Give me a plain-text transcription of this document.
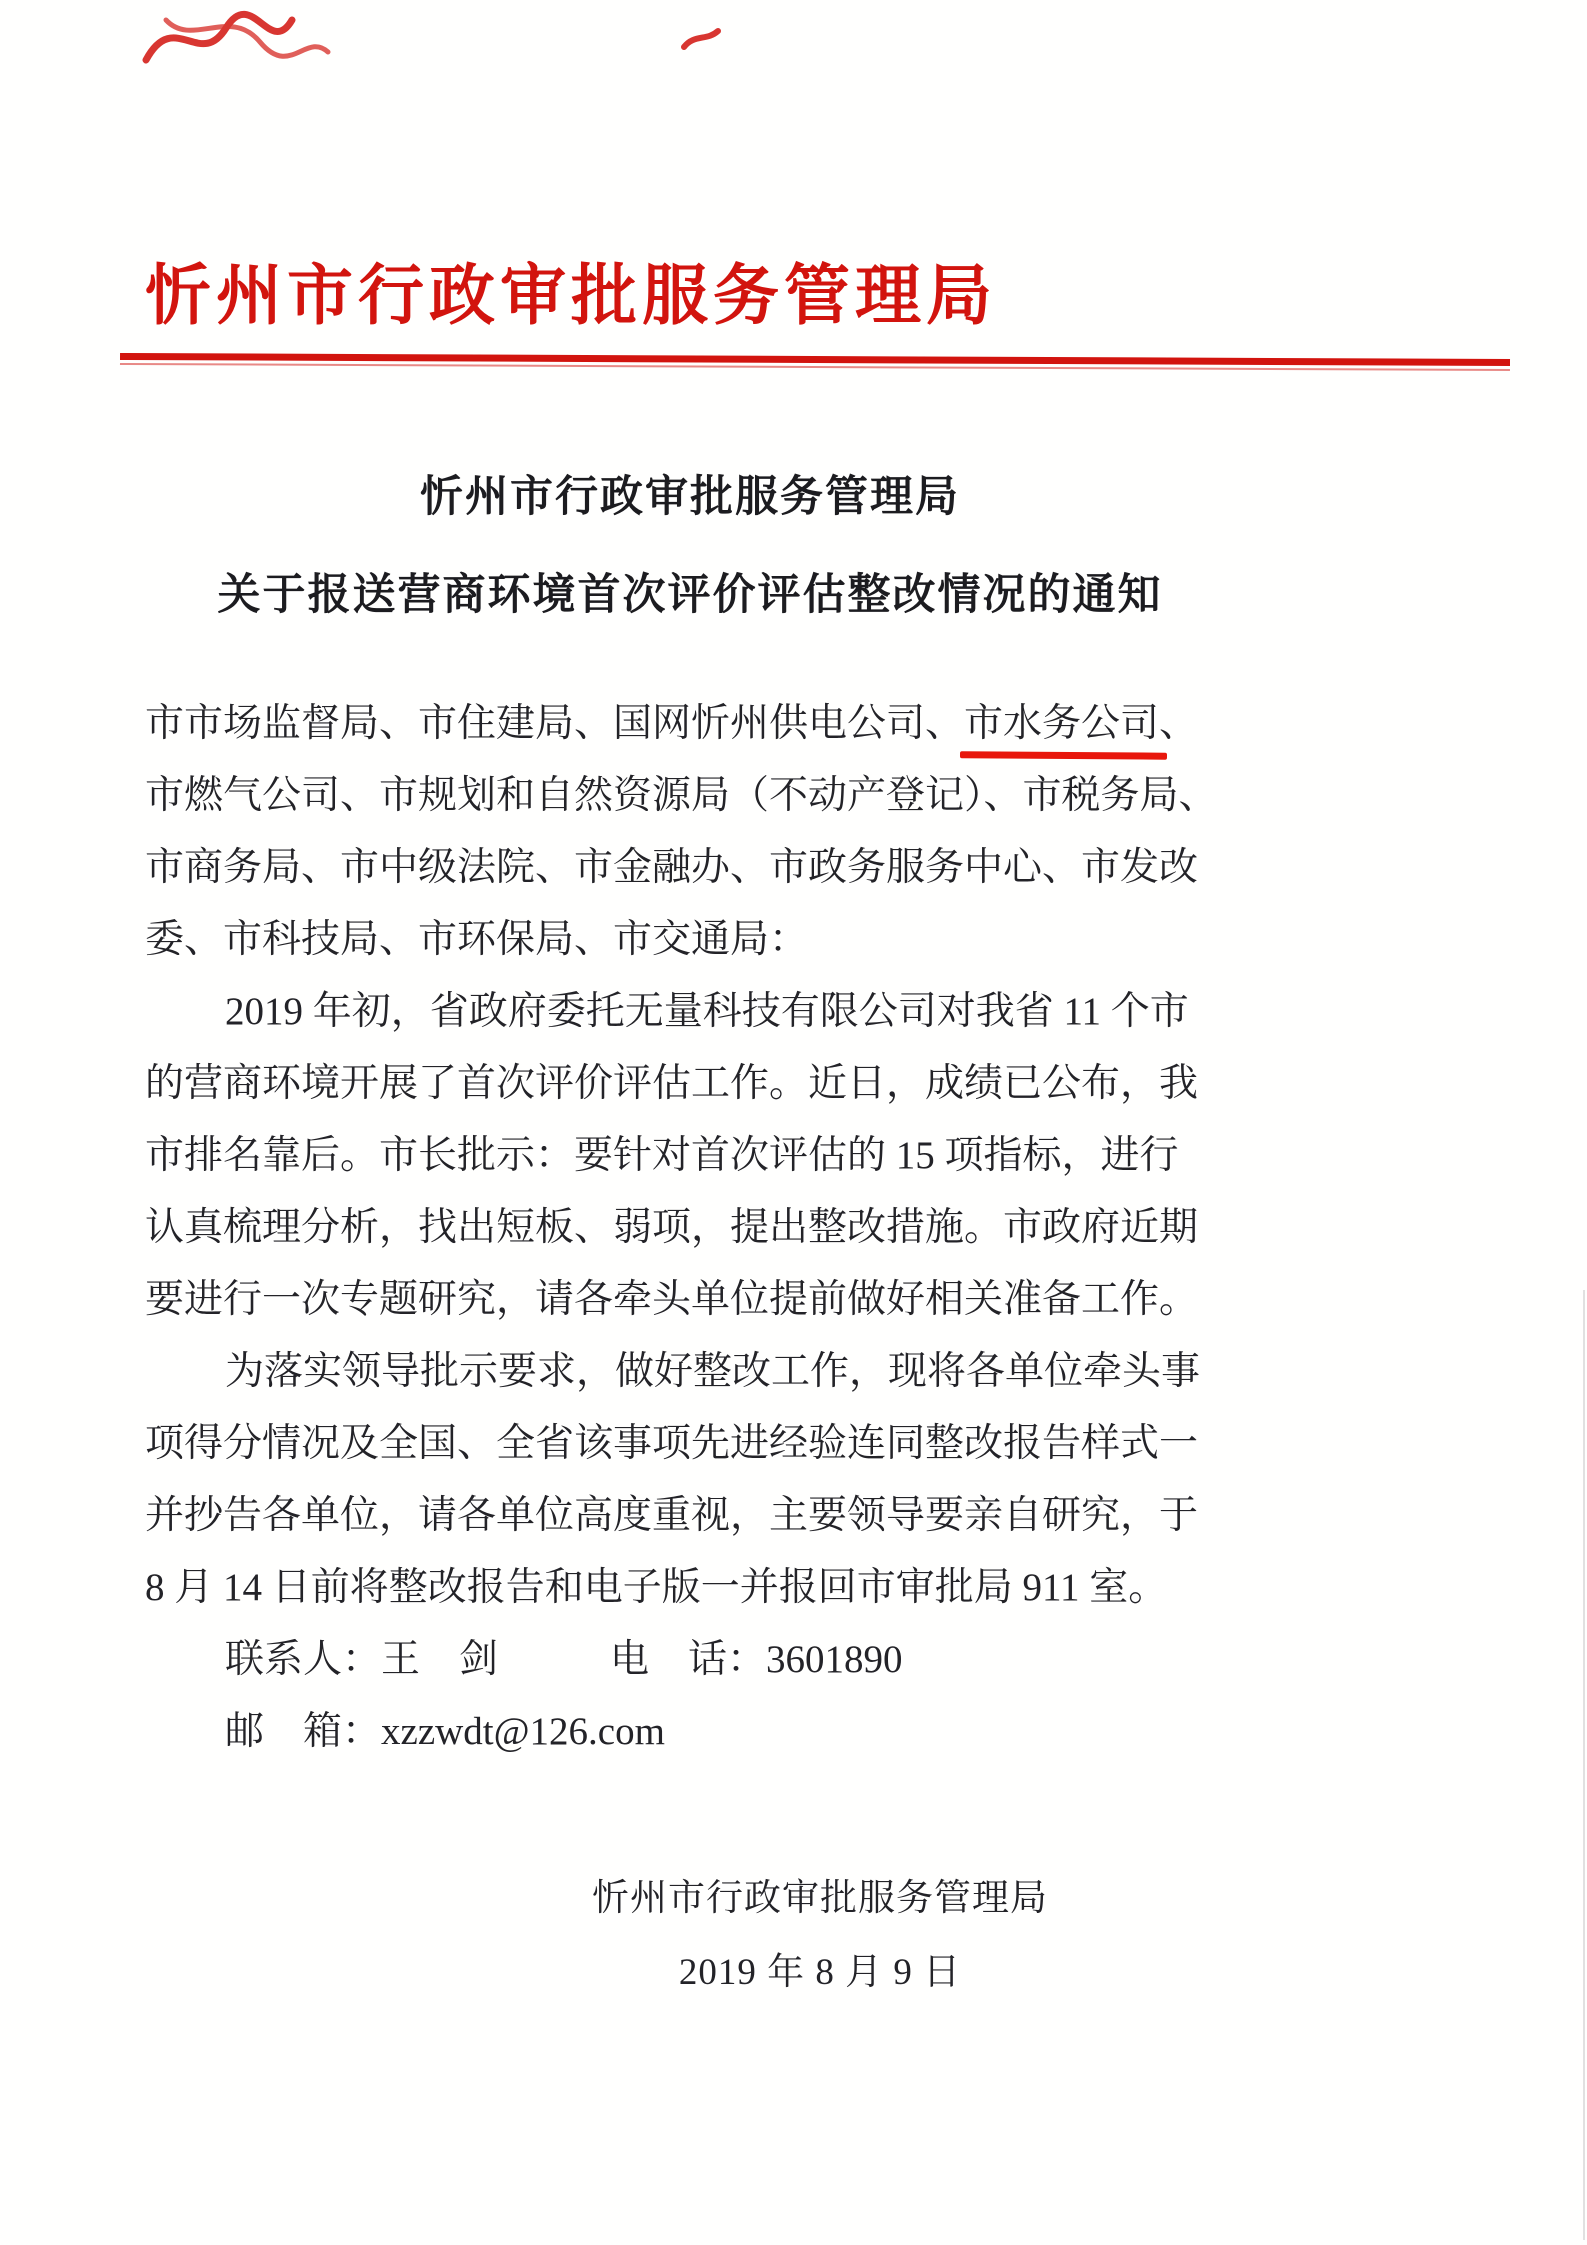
忻州市行政审批服务管理局
忻州市行政审批服务管理局
关于报送营商环境首次评价评估整改情况的通知
市市场监督局、市住建局、国网忻州供电公司、市水务公司、
市燃气公司、市规划和自然资源局（不动产登记）、市税务局、
市商务局、市中级法院、市金融办、市政务服务中心、市发改
委、市科技局、市环保局、市交通局：
2019 年初，省政府委托无量科技有限公司对我省 11 个市
的营商环境开展了首次评价评估工作。近日，成绩已公布，我
市排名靠后。市长批示：要针对首次评估的 15 项指标，进行
认真梳理分析，找出短板、弱项，提出整改措施。市政府近期
要进行一次专题研究，请各牵头单位提前做好相关准备工作。
为落实领导批示要求，做好整改工作，现将各单位牵头事
项得分情况及全国、全省该事项先进经验连同整改报告样式一
并抄告各单位，请各单位高度重视，主要领导要亲自研究，于
8 月 14 日前将整改报告和电子版一并报回市审批局 911 室。
联系人：王　剑	电　话：3601890
邮　箱：xzzwdt@126.com
忻州市行政审批服务管理局
2019 年 8 月 9 日
